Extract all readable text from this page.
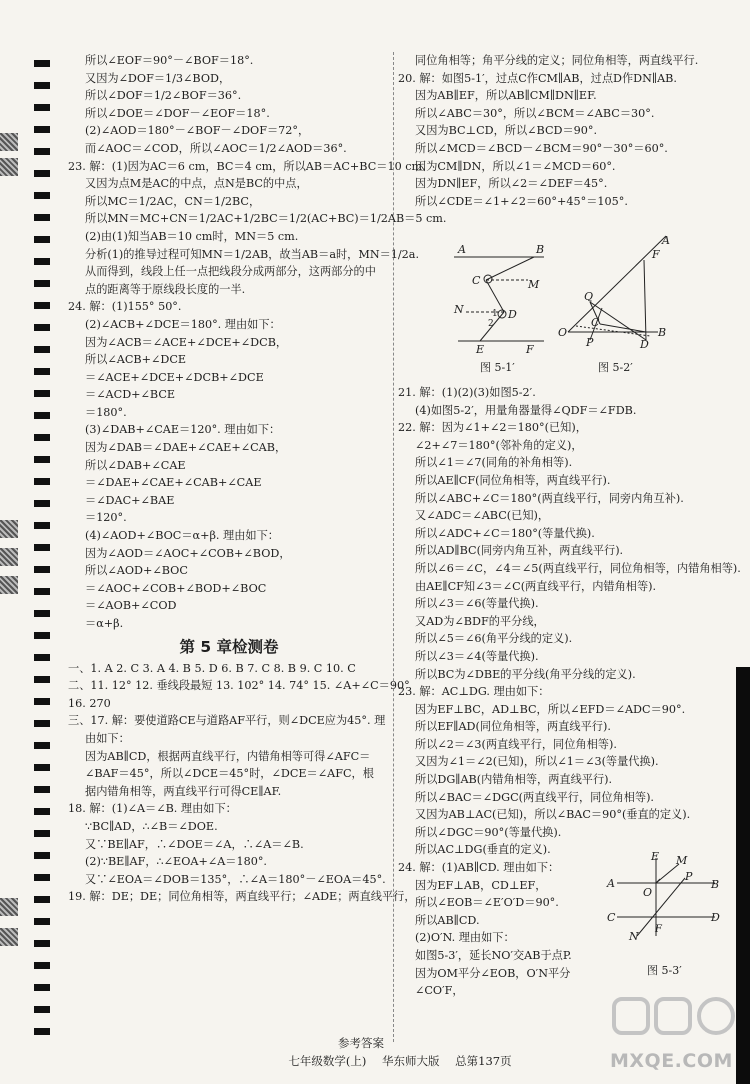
所以∠EOF＝90°－∠BOF＝18°.
又因为∠DOF＝1/3∠BOD，
所以∠DOF＝1/2∠BOF＝36°.
所以∠DOE＝∠DOF－∠EOF＝18°.
(2)∠AOD＝180°－∠BOF－∠DOF＝72°，
而∠AOC＝∠COD，所以∠AOC＝1/2∠AOD＝36°.
23. 解：(1)因为AC＝6 cm，BC＝4 cm，所以AB＝AC+BC＝10 cm.
又因为点M是AC的中点，点N是BC的中点，
所以MC＝1/2AC，CN＝1/2BC，
所以MN＝MC+CN＝1/2AC+1/2BC＝1/2(AC+BC)＝1/2AB＝5 cm.
(2)由(1)知当AB＝10 cm时，MN＝5 cm.
分析(1)的推导过程可知MN＝1/2AB，故当AB＝a时，MN＝1/2a.
从而得到，线段上任一点把线段分成两部分，这两部分的中
点的距离等于原线段长度的一半.
24. 解：(1)155° 50°.
(2)∠ACB+∠DCE＝180°. 理由如下：
因为∠ACB＝∠ACE+∠DCE+∠DCB，
所以∠ACB+∠DCE
＝∠ACE+∠DCE+∠DCB+∠DCE
＝∠ACD+∠BCE
＝180°.
(3)∠DAB+∠CAE＝120°. 理由如下：
因为∠DAB＝∠DAE+∠CAE+∠CAB，
所以∠DAB+∠CAE
＝∠DAE+∠CAE+∠CAB+∠CAE
＝∠DAC+∠BAE
＝120°.
(4)∠AOD+∠BOC＝α+β. 理由如下：
因为∠AOD＝∠AOC+∠COB+∠BOD，
所以∠AOD+∠BOC
＝∠AOC+∠COB+∠BOD+∠BOC
＝∠AOB+∠COD
＝α+β.
第 5 章检测卷
一、1. A 2. C 3. A 4. B 5. D 6. B 7. C 8. B 9. C 10. C
二、11. 12° 12. 垂线段最短 13. 102° 14. 74° 15. ∠A+∠C＝90°
16. 270
三、17. 解：要使道路CE与道路AF平行，则∠DCE应为45°. 理
由如下：
因为AB∥CD，根据两直线平行，内错角相等可得∠AFC＝
∠BAF＝45°，所以∠DCE＝45°时，∠DCE＝∠AFC，根
据内错角相等，两直线平行可得CE∥AF.
18. 解：(1)∠A＝∠B. 理由如下：
∵BC∥AD，∴∠B＝∠DOE.
又∵BE∥AF，∴∠DOE＝∠A，∴∠A＝∠B.
(2)∵BE∥AF，∴∠EOA+∠A＝180°.
又∵∠EOA＝∠DOB＝135°，∴∠A＝180°－∠EOA＝45°.
19. 解：DE；DE；同位角相等，两直线平行；∠ADE；两直线平行，
同位角相等；角平分线的定义；同位角相等，两直线平行.
20. 解：如图5-1′，过点C作CM∥AB，过点D作DN∥AB.
因为AB∥EF，所以AB∥CM∥DN∥EF.
所以∠ABC＝30°，所以∠BCM＝∠ABC＝30°.
又因为BC⊥CD，所以∠BCD＝90°.
所以∠MCD＝∠BCD－∠BCM＝90°－30°＝60°.
因为CM∥DN，所以∠1＝∠MCD＝60°.
因为DN∥EF，所以∠2＝∠DEF＝45°.
所以∠CDE＝∠1+∠2＝60°+45°＝105°.
A	B
C	M
N	1
2
D
E	F
图 5-1′
A
F
Q
C
O
P	D
B
图 5-2′
21. 解：(1)(2)(3)如图5-2′.
(4)如图5-2′，用量角器量得∠QDF＝∠FDB.
22. 解：因为∠1+∠2＝180°(已知)，
∠2+∠7＝180°(邻补角的定义)，
所以∠1＝∠7(同角的补角相等).
所以AE∥CF(同位角相等，两直线平行).
所以∠ABC+∠C＝180°(两直线平行，同旁内角互补).
又∠ADC＝∠ABC(已知)，
所以∠ADC+∠C＝180°(等量代换).
所以AD∥BC(同旁内角互补，两直线平行).
所以∠6＝∠C，∠4＝∠5(两直线平行，同位角相等，内错角相等).
由AE∥CF知∠3＝∠C(两直线平行，内错角相等).
所以∠3＝∠6(等量代换).
又AD为∠BDF的平分线，
所以∠5＝∠6(角平分线的定义).
所以∠3＝∠4(等量代换).
所以BC为∠DBE的平分线(角平分线的定义).
23. 解：AC⊥DG. 理由如下：
因为EF⊥BC，AD⊥BC，所以∠EFD＝∠ADC＝90°.
所以EF∥AD(同位角相等，两直线平行).
所以∠2＝∠3(两直线平行，同位角相等).
又因为∠1＝∠2(已知)，所以∠1＝∠3(等量代换).
所以DG∥AB(内错角相等，两直线平行).
所以∠BAC＝∠DGC(两直线平行，同位角相等).
又因为AB⊥AC(已知)，所以∠BAC＝90°(垂直的定义).
所以∠DGC＝90°(等量代换).
所以AC⊥DG(垂直的定义).
24. 解：(1)AB∥CD. 理由如下：
因为EF⊥AB，CD⊥EF，
所以∠EOB＝∠E′O′D＝90°.
所以AB∥CD.
(2)O′N. 理由如下：
如图5-3′，延长NO′交AB于点P.
因为OM平分∠EOB，O′N平分
∠CO′F，
E M
A
O
P
B
C	D
N
F
图 5-3′
MXQE.COM
参考答案
七年级数学(上) 华东师大版 总第137页
